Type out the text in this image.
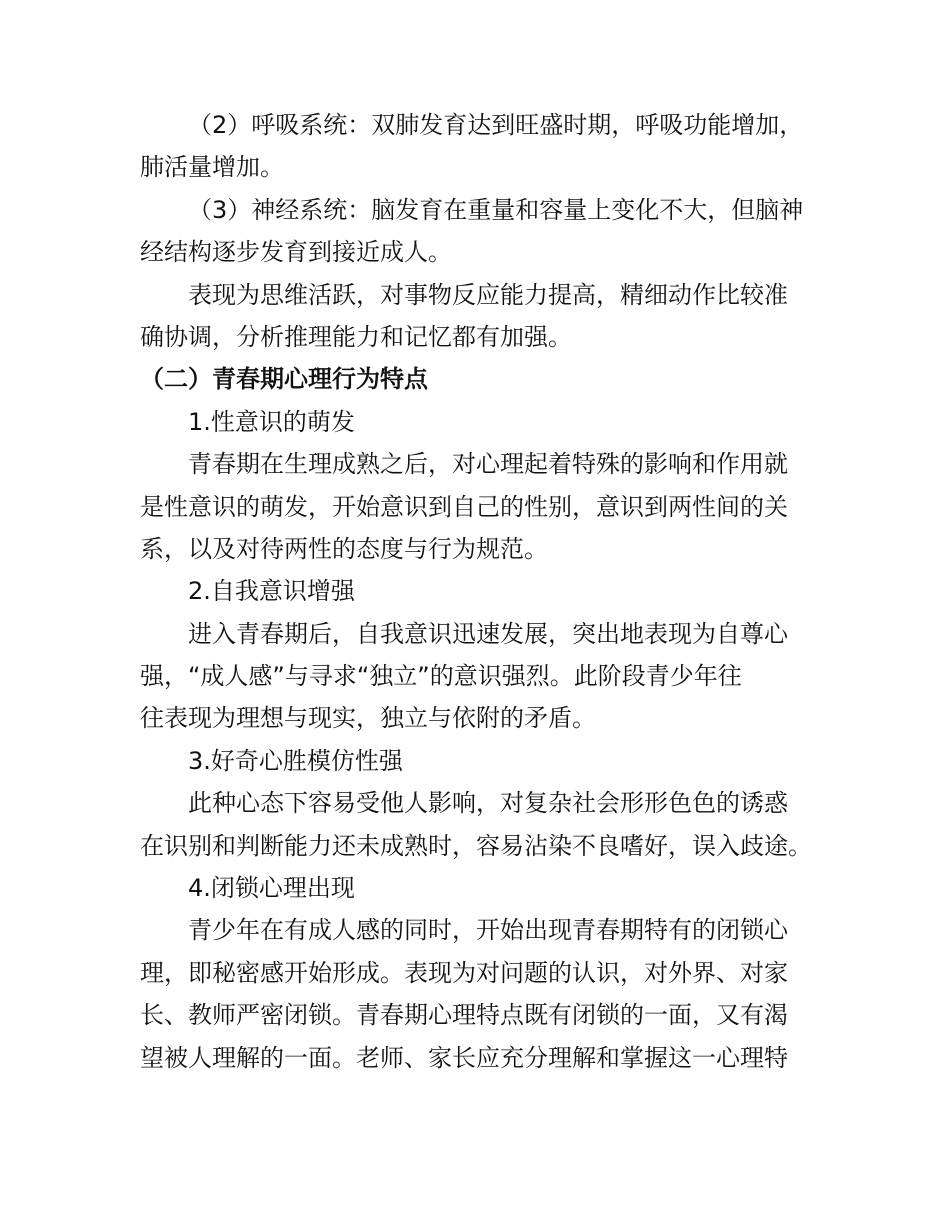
（2）呼吸系统：双肺发育达到旺盛时期，呼吸功能增加，
肺活量增加。
（3）神经系统：脑发育在重量和容量上变化不大，但脑神
经结构逐步发育到接近成人。
表现为思维活跃，对事物反应能力提高，精细动作比较准
确协调，分析推理能力和记忆都有加强。
（二）青春期心理行为特点
1.性意识的萌发
青春期在生理成熟之后，对心理起着特殊的影响和作用就
是性意识的萌发，开始意识到自己的性别，意识到两性间的关
系，以及对待两性的态度与行为规范。
2.自我意识增强
进入青春期后，自我意识迅速发展，突出地表现为自尊心
强，“成人感”与寻求“独立”的意识强烈。此阶段青少年往
往表现为理想与现实，独立与依附的矛盾。
3.好奇心胜模仿性强
此种心态下容易受他人影响，对复杂社会形形色色的诱惑
在识别和判断能力还未成熟时，容易沾染不良嗜好，误入歧途。
4.闭锁心理出现
青少年在有成人感的同时，开始出现青春期特有的闭锁心
理，即秘密感开始形成。表现为对问题的认识，对外界、对家
长、教师严密闭锁。青春期心理特点既有闭锁的一面，又有渴
望被人理解的一面。老师、家长应充分理解和掌握这一心理特
